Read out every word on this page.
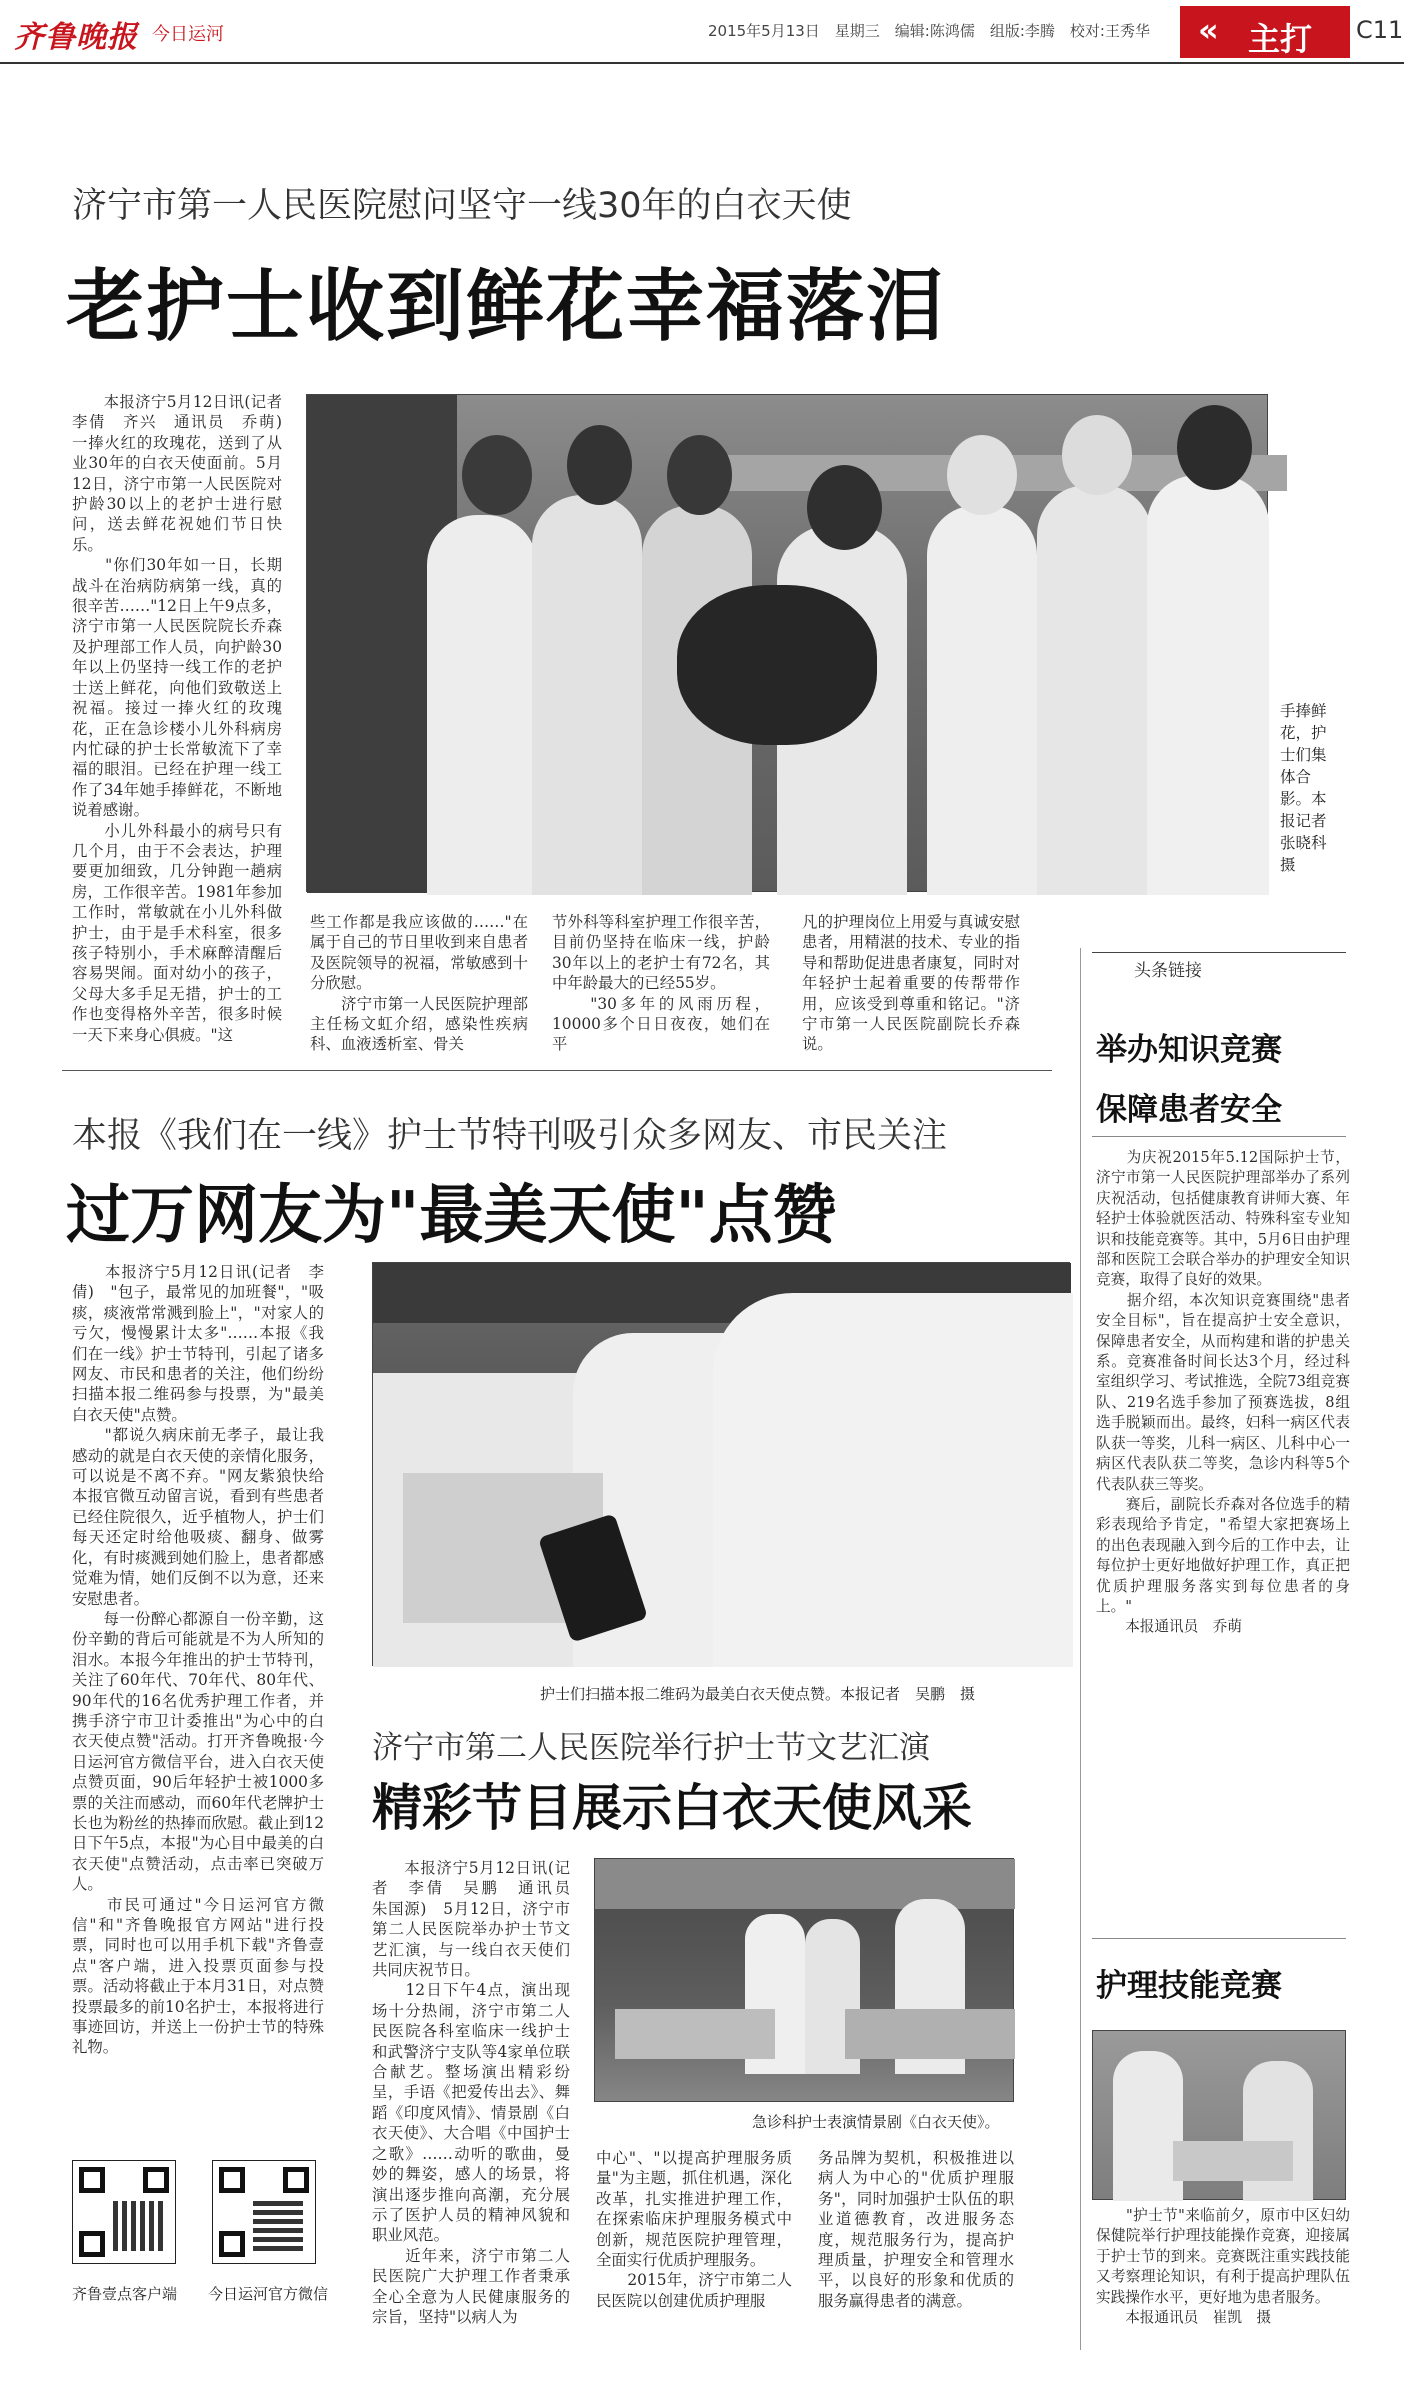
齐鲁晚报 今日运河	2015年5月13日　星期三　编辑:陈鸿儒　组版:李腾　校对:王秀华 « 主打 C11
济宁市第一人民医院慰问坚守一线30年的白衣天使
老护士收到鲜花幸福落泪
　　本报济宁5月12日讯(记者　李倩　齐兴　通讯员　乔萌)　一捧火红的玫瑰花，送到了从业30年的白衣天使面前。5月12日，济宁市第一人民医院对护龄30以上的老护士进行慰问，送去鲜花祝她们节日快乐。
　　"你们30年如一日，长期战斗在治病防病第一线，真的很辛苦……"12日上午9点多，济宁市第一人民医院院长乔森及护理部工作人员，向护龄30年以上仍坚持一线工作的老护士送上鲜花，向他们致敬送上祝福。接过一捧火红的玫瑰花，正在急诊楼小儿外科病房内忙碌的护士长常敏流下了幸福的眼泪。已经在护理一线工作了34年她手捧鲜花，不断地说着感谢。
　　小儿外科最小的病号只有几个月，由于不会表达，护理要更加细致，几分钟跑一趟病房，工作很辛苦。1981年参加工作时，常敏就在小儿外科做护士，由于是手术科室，很多孩子特别小，手术麻醉清醒后容易哭闹。面对幼小的孩子，父母大多手足无措，护士的工作也变得格外辛苦，很多时候一天下来身心俱疲。"这
手捧鲜花，护士们集体合影。本报记者　张晓科　摄
些工作都是我应该做的……"在属于自己的节日里收到来自患者及医院领导的祝福，常敏感到十分欣慰。
　　济宁市第一人民医院护理部主任杨文虹介绍，感染性疾病科、血液透析室、骨关
节外科等科室护理工作很辛苦，目前仍坚持在临床一线，护龄30年以上的老护士有72名，其中年龄最大的已经55岁。
　　"30多年的风雨历程，10000多个日日夜夜，她们在平
凡的护理岗位上用爱与真诚安慰患者，用精湛的技术、专业的指导和帮助促进患者康复，同时对年轻护士起着重要的传帮带作用，应该受到尊重和铭记。"济宁市第一人民医院副院长乔森说。
本报《我们在一线》护士节特刊吸引众多网友、市民关注
过万网友为"最美天使"点赞
　　本报济宁5月12日讯(记者　李倩)　"包子，最常见的加班餐"，"吸痰，痰液常常溅到脸上"，"对家人的亏欠，慢慢累计太多"……本报《我们在一线》护士节特刊，引起了诸多网友、市民和患者的关注，他们纷纷扫描本报二维码参与投票，为"最美白衣天使"点赞。
　　"都说久病床前无孝子，最让我感动的就是白衣天使的亲情化服务，可以说是不离不弃。"网友紫狼快给本报官微互动留言说，看到有些患者已经住院很久，近乎植物人，护士们每天还定时给他吸痰、翻身、做雾化，有时痰溅到她们脸上，患者都感觉难为情，她们反倒不以为意，还来安慰患者。
　　每一份醉心都源自一份辛勤，这份辛勤的背后可能就是不为人所知的泪水。本报今年推出的护士节特刊，关注了60年代、70年代、80年代、90年代的16名优秀护理工作者，并携手济宁市卫计委推出"为心中的白衣天使点赞"活动。打开齐鲁晚报·今日运河官方微信平台，进入白衣天使点赞页面，90后年轻护士被1000多票的关注而感动，而60年代老牌护士长也为粉丝的热捧而欣慰。截止到12日下午5点，本报"为心目中最美的白衣天使"点赞活动，点击率已突破万人。
　　市民可通过"今日运河官方微信"和"齐鲁晚报官方网站"进行投票，同时也可以用手机下载"齐鲁壹点"客户端，进入投票页面参与投票。活动将截止于本月31日，对点赞投票最多的前10名护士，本报将进行事迹回访，并送上一份护士节的特殊礼物。
护士们扫描本报二维码为最美白衣天使点赞。本报记者　吴鹏　摄
济宁市第二人民医院举行护士节文艺汇演
精彩节目展示白衣天使风采
　　本报济宁5月12日讯(记者　李倩　吴鹏　通讯员　朱国源)　5月12日，济宁市第二人民医院举办护士节文艺汇演，与一线白衣天使们共同庆祝节日。
　　12日下午4点，演出现场十分热闹，济宁市第二人民医院各科室临床一线护士和武警济宁支队等4家单位联合献艺。整场演出精彩纷呈，手语《把爱传出去》、舞蹈《印度风情》、情景剧《白衣天使》、大合唱《中国护士之歌》……动听的歌曲，曼妙的舞姿，感人的场景，将演出逐步推向高潮，充分展示了医护人员的精神风貌和职业风范。
　　近年来，济宁市第二人民医院广大护理工作者秉承全心全意为人民健康服务的宗旨，坚持"以病人为
急诊科护士表演情景剧《白衣天使》。
中心"、"以提高护理服务质量"为主题，抓住机遇，深化改革，扎实推进护理工作，在探索临床护理服务模式中创新，规范医院护理管理，全面实行优质护理服务。
　　2015年，济宁市第二人民医院以创建优质护理服
务品牌为契机，积极推进以病人为中心的"优质护理服务"，同时加强护士队伍的职业道德教育，改进服务态度，规范服务行为，提高护理质量，护理安全和管理水平，以良好的形象和优质的服务赢得患者的满意。
齐鲁壹点客户端 今日运河官方微信
头条链接
举办知识竞赛
保障患者安全
　　为庆祝2015年5.12国际护士节，济宁市第一人民医院护理部举办了系列庆祝活动，包括健康教育讲师大赛、年轻护士体验就医活动、特殊科室专业知识和技能竞赛等。其中，5月6日由护理部和医院工会联合举办的护理安全知识竞赛，取得了良好的效果。
　　据介绍，本次知识竞赛围绕"患者安全目标"，旨在提高护士安全意识，保障患者安全，从而构建和谐的护患关系。竞赛准备时间长达3个月，经过科室组织学习、考试推选，全院73组竞赛队、219名选手参加了预赛选拔，8组选手脱颖而出。最终，妇科一病区代表队获一等奖，儿科一病区、儿科中心一病区代表队获二等奖，急诊内科等5个代表队获三等奖。
　　赛后，副院长乔森对各位选手的精彩表现给予肯定，"希望大家把赛场上的出色表现融入到今后的工作中去，让每位护士更好地做好护理工作，真正把优质护理服务落实到每位患者的身上。"
　　本报通讯员　乔萌
护理技能竞赛
　　"护士节"来临前夕，原市中区妇幼保健院举行护理技能操作竞赛，迎接属于护士节的到来。竞赛既注重实践技能又考察理论知识，有利于提高护理队伍实践操作水平，更好地为患者服务。
　　本报通讯员　崔凯　摄
